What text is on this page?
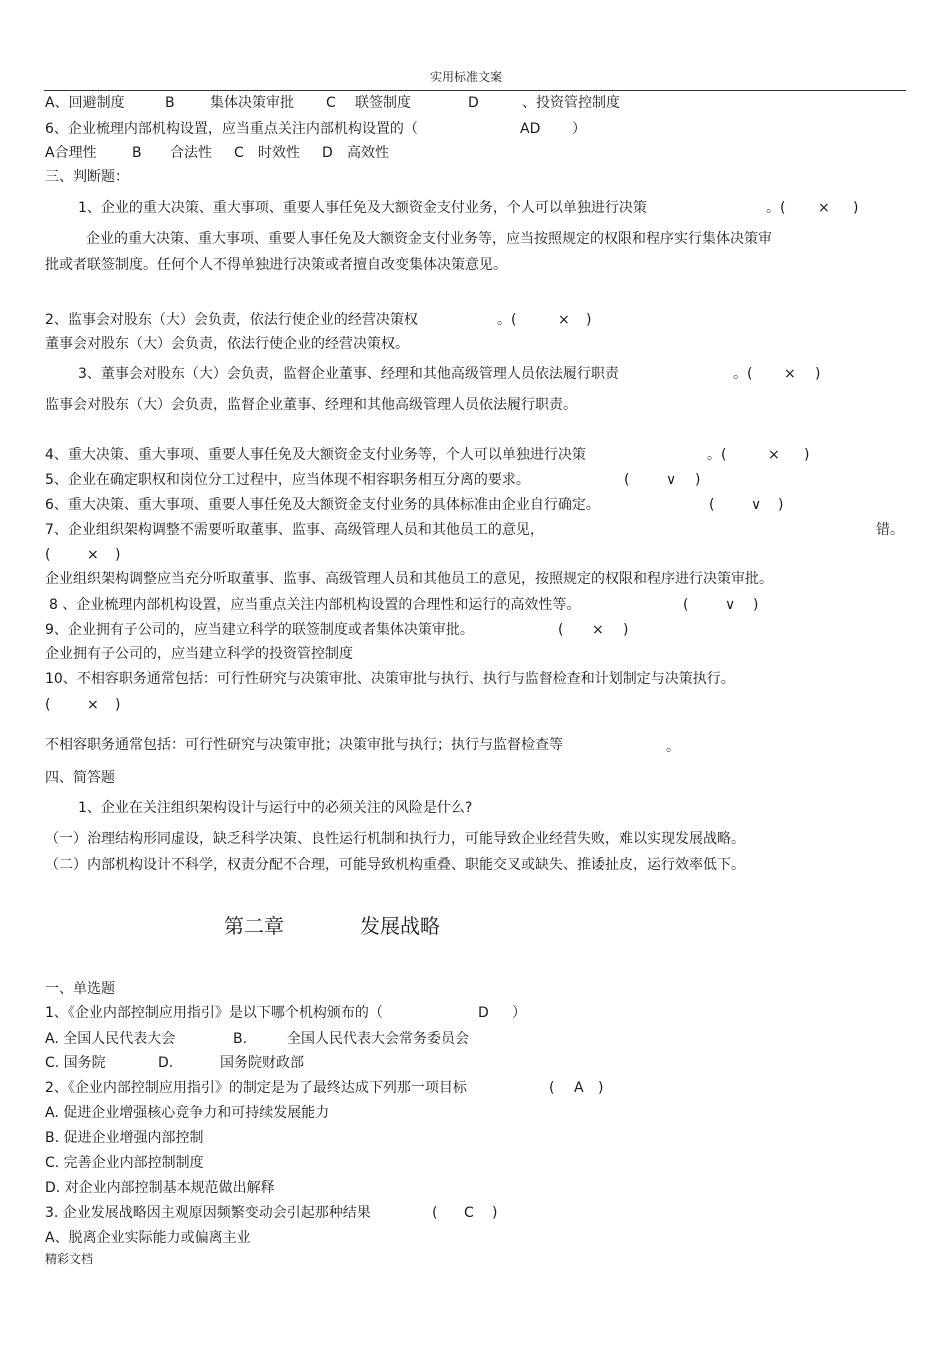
实用标准文案
A、回避制度	B	集体决策审批 C 联签制度	D	、投资管控制度
6、企业梳理内部机构设置，应当重点关注内部机构设置的（	AD ）
A合理性	B 合法性 C 时效性 D 高效性
三、判断题：
1、企业的重大决策、重大事项、重要人事任免及大额资金支付业务，个人可以单独进行决策	。( × )
企业的重大决策、重大事项、重要人事任免及大额资金支付业务等，应当按照规定的权限和程序实行集体决策审
批或者联签制度。任何个人不得单独进行决策或者擅自改变集体决策意见。
2、监事会对股东（大）会负责，依法行使企业的经营决策权	。(	× )
董事会对股东（大）会负责，依法行使企业的经营决策权。
3、董事会对股东（大）会负责，监督企业董事、经理和其他高级管理人员依法履行职责	。( × )
监事会对股东（大）会负责，监督企业董事、经理和其他高级管理人员依法履行职责。
4、重大决策、重大事项、重要人事任免及大额资金支付业务等，个人可以单独进行决策	。(	× )
5、企业在确定职权和岗位分工过程中，应当体现不相容职务相互分离的要求。	(	∨ )
6、重大决策、重大事项、重要人事任免及大额资金支付业务的具体标准由企业自行确定。	(	∨ )
7、企业组织架构调整不需要听取董事、监事、高级管理人员和其他员工的意见，	错。
(	× )
企业组织架构调整应当充分听取董事、监事、高级管理人员和其他员工的意见，按照规定的权限和程序进行决策审批。
8 、企业梳理内部机构设置，应当重点关注内部机构设置的合理性和运行的高效性等。	(	∨ )
9、企业拥有子公司的，应当建立科学的联签制度或者集体决策审批。	( × )
企业拥有子公司的，应当建立科学的投资管控制度
10、不相容职务通常包括：可行性研究与决策审批、决策审批与执行、执行与监督检查和计划制定与决策执行。
(	× )
不相容职务通常包括：可行性研究与决策审批；决策审批与执行；执行与监督检查等	。
四、简答题
1、企业在关注组织架构设计与运行中的必须关注的风险是什么?
（一）治理结构形同虚设，缺乏科学决策、良性运行机制和执行力，可能导致企业经营失败，难以实现发展战略。
（二）内部机构设计不科学，权责分配不合理，可能导致机构重叠、职能交叉或缺失、推诿扯皮，运行效率低下。
第二章	发展战略
一、单选题
1、《企业内部控制应用指引》是以下哪个机构颁布的（	D ）
A. 全国人民代表大会	B.	全国人民代表大会常务委员会
C. 国务院	D.	国务院财政部
2、《企业内部控制应用指引》的制定是为了最终达成下列那一项目标	( A )
A. 促进企业增强核心竞争力和可持续发展能力
B. 促进企业增强内部控制
C. 完善企业内部控制制度
D. 对企业内部控制基本规范做出解释
3. 企业发展战略因主观原因频繁变动会引起那种结果	( C )
A、脱离企业实际能力或偏离主业
精彩文档
